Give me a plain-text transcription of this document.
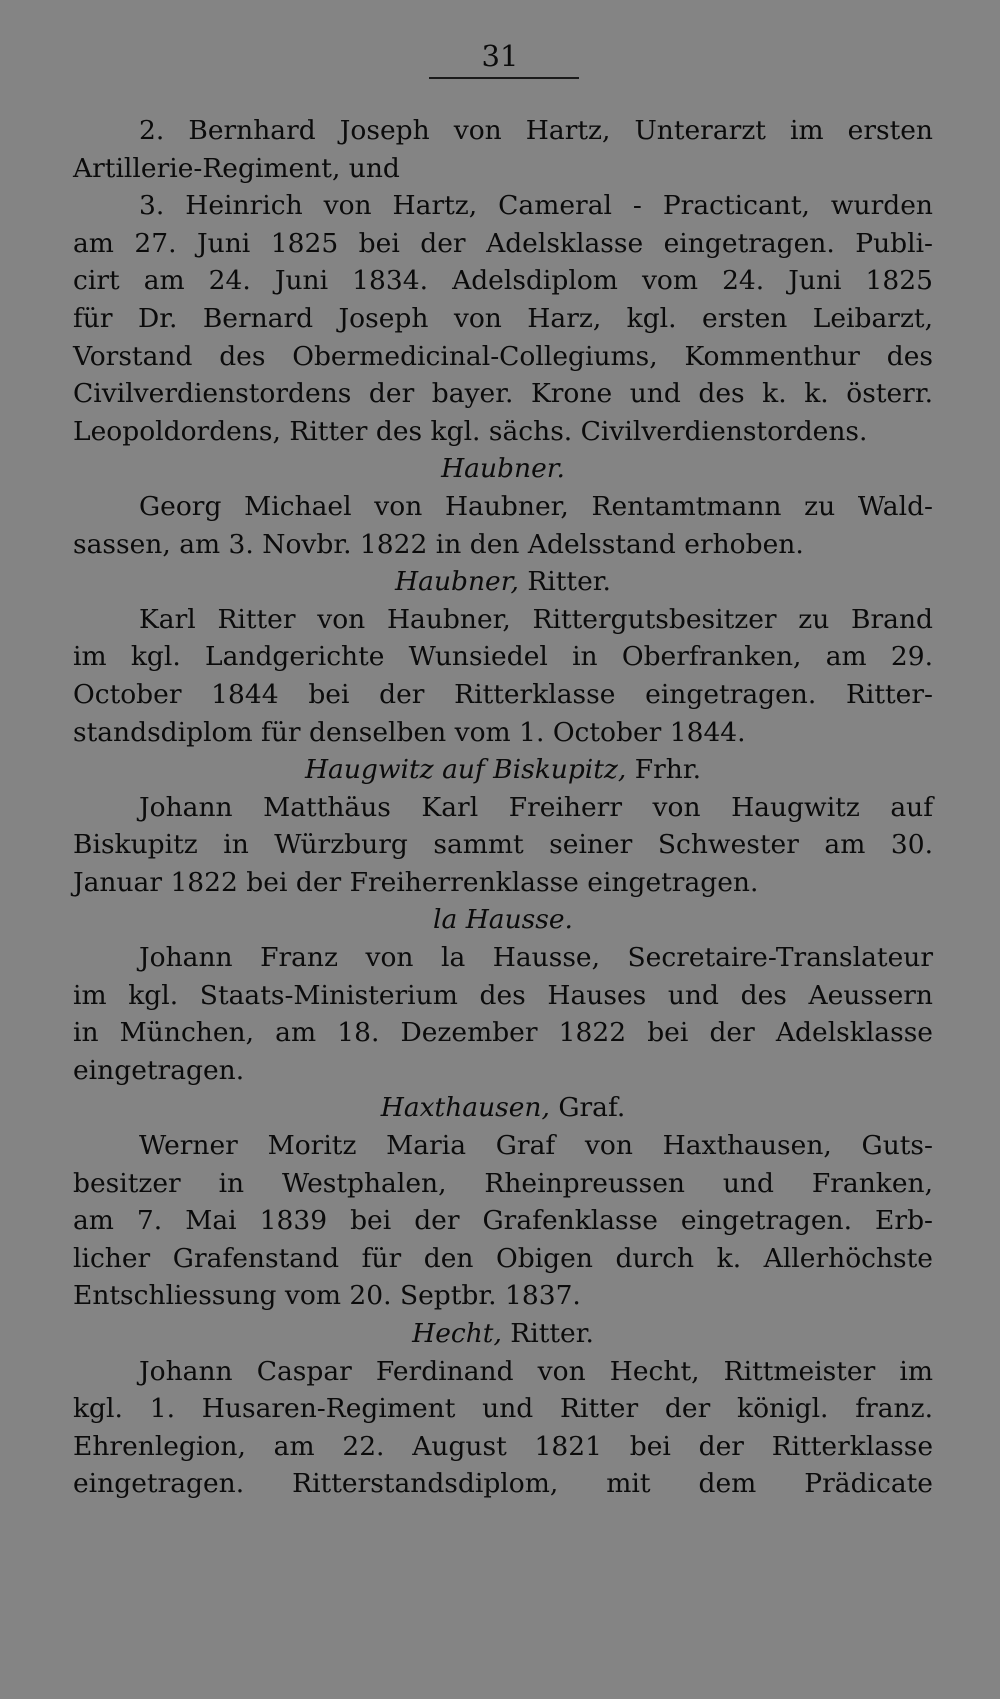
31
2. Bernhard Joseph von Hartz, Unterarzt im ersten
Artillerie-Regiment, und
3. Heinrich von Hartz, Cameral - Practicant, wurden
am 27. Juni 1825 bei der Adelsklasse eingetragen. Publi-
cirt am 24. Juni 1834. Adelsdiplom vom 24. Juni 1825
für Dr. Bernard Joseph von Harz, kgl. ersten Leibarzt,
Vorstand des Obermedicinal-Collegiums, Kommenthur des
Civilverdienstordens der bayer. Krone und des k. k. österr.
Leopoldordens, Ritter des kgl. sächs. Civilverdienstordens.
Haubner.
Georg Michael von Haubner, Rentamtmann zu Wald-
sassen, am 3. Novbr. 1822 in den Adelsstand erhoben.
Haubner, Ritter.
Karl Ritter von Haubner, Rittergutsbesitzer zu Brand
im kgl. Landgerichte Wunsiedel in Oberfranken, am 29.
October 1844 bei der Ritterklasse eingetragen. Ritter-
standsdiplom für denselben vom 1. October 1844.
Haugwitz auf Biskupitz, Frhr.
Johann Matthäus Karl Freiherr von Haugwitz auf
Biskupitz in Würzburg sammt seiner Schwester am 30.
Januar 1822 bei der Freiherrenklasse eingetragen.
la Hausse.
Johann Franz von la Hausse, Secretaire-Translateur
im kgl. Staats-Ministerium des Hauses und des Aeussern
in München, am 18. Dezember 1822 bei der Adelsklasse
eingetragen.
Haxthausen, Graf.
Werner Moritz Maria Graf von Haxthausen, Guts-
besitzer in Westphalen, Rheinpreussen und Franken,
am 7. Mai 1839 bei der Grafenklasse eingetragen. Erb-
licher Grafenstand für den Obigen durch k. Allerhöchste
Entschliessung vom 20. Septbr. 1837.
Hecht, Ritter.
Johann Caspar Ferdinand von Hecht, Rittmeister im
kgl. 1. Husaren-Regiment und Ritter der königl. franz.
Ehrenlegion, am 22. August 1821 bei der Ritterklasse
eingetragen. Ritterstandsdiplom, mit dem Prädicate
